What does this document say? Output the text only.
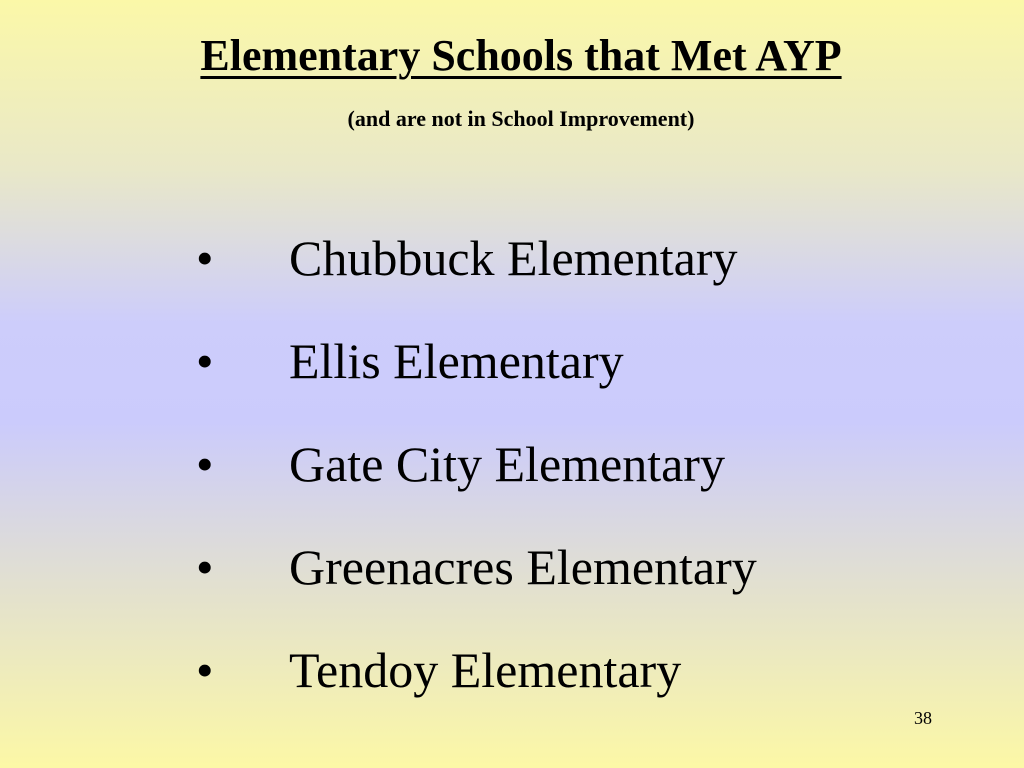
Elementary Schools that Met AYP
(and are not in School Improvement)
• Chubbuck Elementary
• Ellis Elementary
• Gate City Elementary
• Greenacres Elementary
• Tendoy Elementary
38
